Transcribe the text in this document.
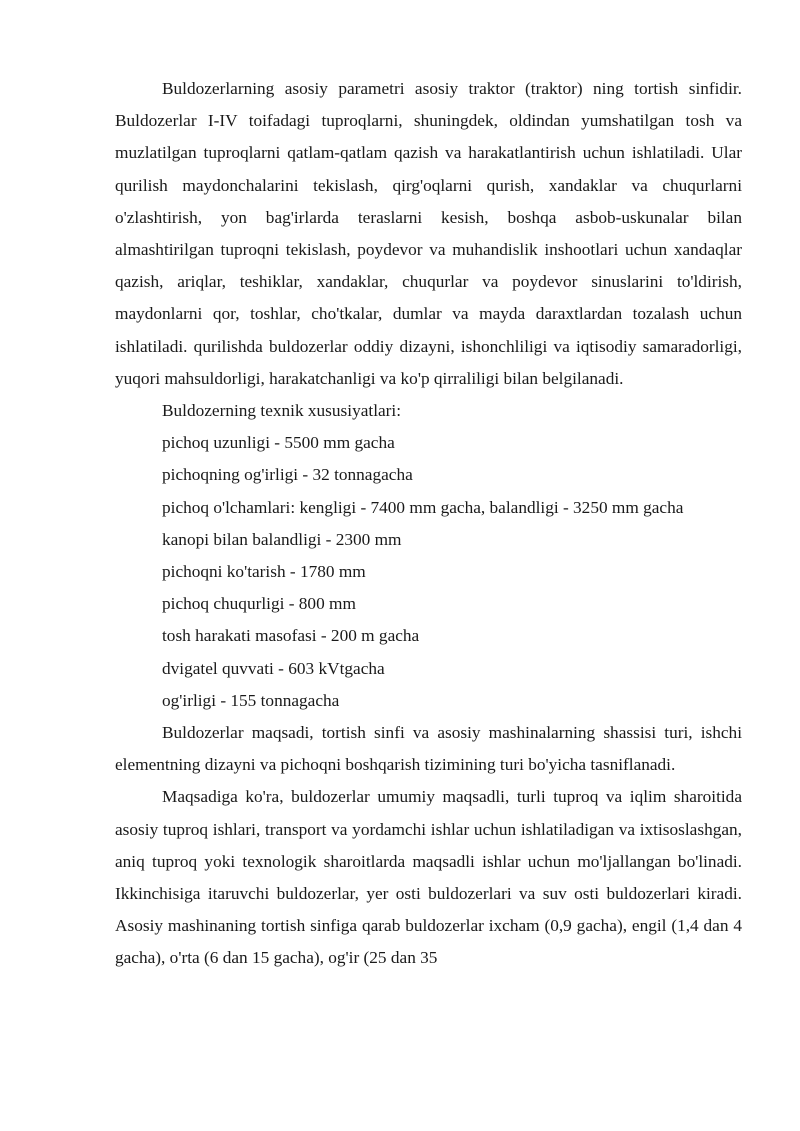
Buldozerlarning asosiy parametri asosiy traktor (traktor) ning tortish sinfidir. Buldozerlar I-IV toifadagi tuproqlarni, shuningdek, oldindan yumshatilgan tosh va muzlatilgan tuproqlarni qatlam-qatlam qazish va harakatlantirish uchun ishlatiladi. Ular qurilish maydonchalarini tekislash, qirg'oqlarni qurish, xandaklar va chuqurlarni o'zlashtirish, yon bag'irlarda teraslarni kesish, boshqa asbob-uskunalar bilan almashtirilgan tuproqni tekislash, poydevor va muhandislik inshootlari uchun xandaqlar qazish, ariqlar, teshiklar, xandaklar, chuqurlar va poydevor sinuslarini to'ldirish, maydonlarni qor, toshlar, cho'tkalar, dumlar va mayda daraxtlardan tozalash uchun ishlatiladi. qurilishda buldozerlar oddiy dizayni, ishonchliligi va iqtisodiy samaradorligi, yuqori mahsuldorligi, harakatchanligi va ko'p qirraliligi bilan belgilanadi.

Buldozerning texnik xususiyatlari:

pichoq uzunligi - 5500 mm gacha

pichoqning og'irligi - 32 tonnagacha

pichoq o'lchamlari: kengligi - 7400 mm gacha, balandligi - 3250 mm gacha

kanopi bilan balandligi - 2300 mm

pichoqni ko'tarish - 1780 mm

pichoq chuqurligi - 800 mm

tosh harakati masofasi - 200 m gacha

dvigatel quvvati - 603 kVtgacha

og'irligi - 155 tonnagacha

Buldozerlar maqsadi, tortish sinfi va asosiy mashinalarning shassisi turi, ishchi elementning dizayni va pichoqni boshqarish tizimining turi bo'yicha tasniflanadi.

Maqsadiga ko'ra, buldozerlar umumiy maqsadli, turli tuproq va iqlim sharoitida asosiy tuproq ishlari, transport va yordamchi ishlar uchun ishlatiladigan va ixtisoslashgan, aniq tuproq yoki texnologik sharoitlarda maqsadli ishlar uchun mo'ljallangan bo'linadi. Ikkinchisiga itaruvchi buldozerlar, yer osti buldozerlari va suv osti buldozerlari kiradi. Asosiy mashinaning tortish sinfiga qarab buldozerlar ixcham (0,9 gacha), engil (1,4 dan 4 gacha), o'rta (6 dan 15 gacha), og'ir (25 dan 35
